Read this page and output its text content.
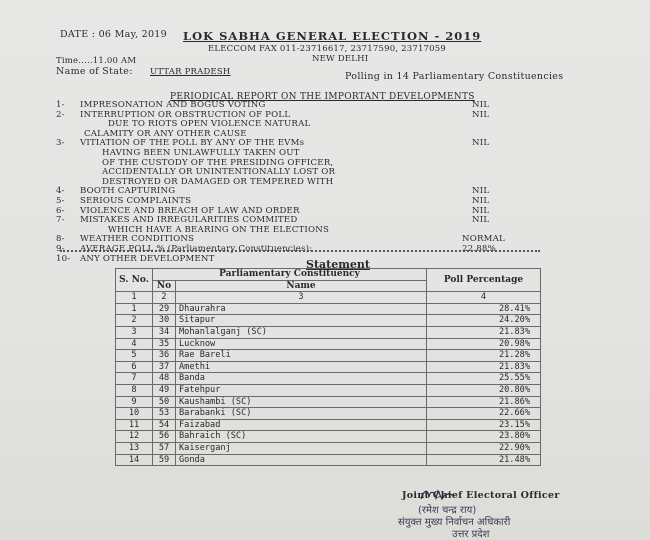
DATE : 06 May, 2019 LOK SABHA GENERAL ELECTION - 2019
ELECCOM FAX 011-23716617, 23717590, 23717059
NEW DELHI
Time.....11.00 AM
Name of State: UTTAR PRADESH	Polling in 14 Parliamentary Constituencies
PERIODICAL REPORT ON THE IMPORTANT DEVELOPMENTS
1-	IMPRESONATION AND BOGUS VOTING	NIL
2-	INTERRUPTION OR OBSTRUCTION OF POLL	NIL
DUE TO RIOTS OPEN VIOLENCE NATURAL
CALAMITY OR ANY OTHER CAUSE
3-	VITIATION OF THE POLL BY ANY OF THE EVMs	NIL
HAVING BEEN UNLAWFULLY TAKEN OUT
OF THE CUSTODY OF THE PRESIDING OFFICER,
ACCIDENTALLY OR UNINTENTIONALLY LOST OR
DESTROYED OR DAMAGED OR TEMPERED WITH
4-	BOOTH CAPTURING	NIL
5-	SERIOUS COMPLAINTS	NIL
6-	VIOLENCE AND BREACH OF LAW AND ORDER	NIL
7-	MISTAKES AND IRREGULARITIES COMMITED	NIL
WHICH HAVE A BEARING ON THE ELECTIONS
8-	WEATHER CONDITIONS	NORMAL
9-	AVERAGE POLL % (Parliamentary Constituencies):	22.88%
10-	ANY OTHER DEVELOPMENT	Statement
S. No.	Parliamentary Constituency		Poll Percentage
	No	Name	
1	2	3	4
1	29	Dhaurahra	28.41%
2	30	Sitapur	24.20%
3	34	Mohanlalganj (SC)	21.83%
4	35	Lucknow	20.98%
5	36	Rae Bareli	21.28%
6	37	Amethi	21.83%
7	48	Banda	25.55%
8	49	Fatehpur	20.80%
9	50	Kaushambi (SC)	21.86%
10	53	Barabanki (SC)	22.66%
11	54	Faizabad	23.15%
12	56	Bahraich (SC)	23.80%
13	57	Kaiserganj	22.90%
14	59	Gonda	21.48%
Joint Chief Electoral Officer
(रमेश चन्द्र राय)
संयुक्त मुख्य निर्वाचन अधिकारी
उत्तर प्रदेश
